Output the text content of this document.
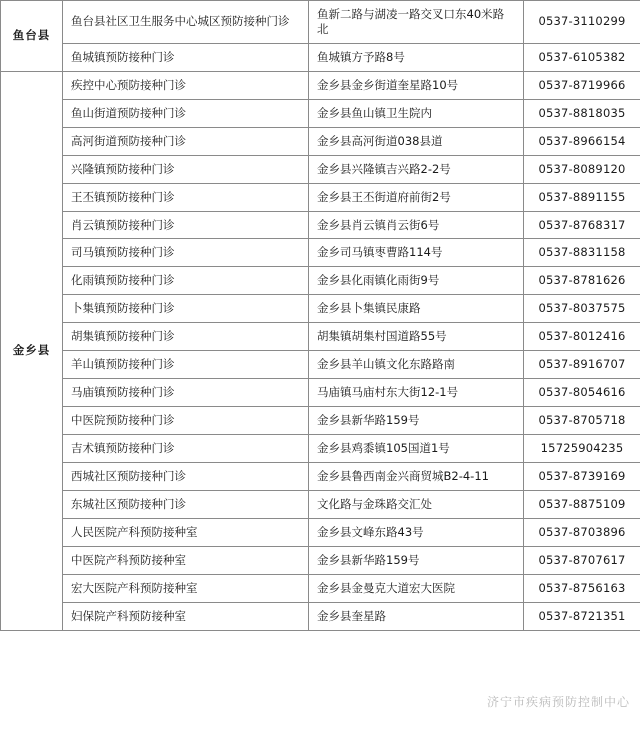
鱼台县	鱼台县社区卫生服务中心城区预防接种门诊	鱼新二路与湖凌一路交叉口东40米路北	0537-3110299
	鱼城镇预防接种门诊	鱼城镇方予路8号	0537-6105382
金乡县	疾控中心预防接种门诊	金乡县金乡街道奎星路10号	0537-8719966
	鱼山街道预防接种门诊	金乡县鱼山镇卫生院内	0537-8818035
	高河街道预防接种门诊	金乡县高河街道038县道	0537-8966154
	兴隆镇预防接种门诊	金乡县兴隆镇吉兴路2-2号	0537-8089120
	王丕镇预防接种门诊	金乡县王丕街道府前街2号	0537-8891155
	肖云镇预防接种门诊	金乡县肖云镇肖云街6号	0537-8768317
	司马镇预防接种门诊	金乡司马镇枣曹路114号	0537-8831158
	化雨镇预防接种门诊	金乡县化雨镇化雨街9号	0537-8781626
	卜集镇预防接种门诊	金乡县卜集镇民康路	0537-8037575
	胡集镇预防接种门诊	胡集镇胡集村国道路55号	0537-8012416
	羊山镇预防接种门诊	金乡县羊山镇文化东路路南	0537-8916707
	马庙镇预防接种门诊	马庙镇马庙村东大街12-1号	0537-8054616
	中医院预防接种门诊	金乡县新华路159号	0537-8705718
	吉术镇预防接种门诊	金乡县鸡黍镇105国道1号	15725904235
	西城社区预防接种门诊	金乡县鲁西南金兴商贸城B2-4-11	0537-8739169
	东城社区预防接种门诊	文化路与金珠路交汇处	0537-8875109
	人民医院产科预防接种室	金乡县文峰东路43号	0537-8703896
	中医院产科预防接种室	金乡县新华路159号	0537-8707617
	宏大医院产科预防接种室	金乡县金曼克大道宏大医院	0537-8756163
	妇保院产科预防接种室	金乡县奎星路	0537-8721351
济宁市疾病预防控制中心
